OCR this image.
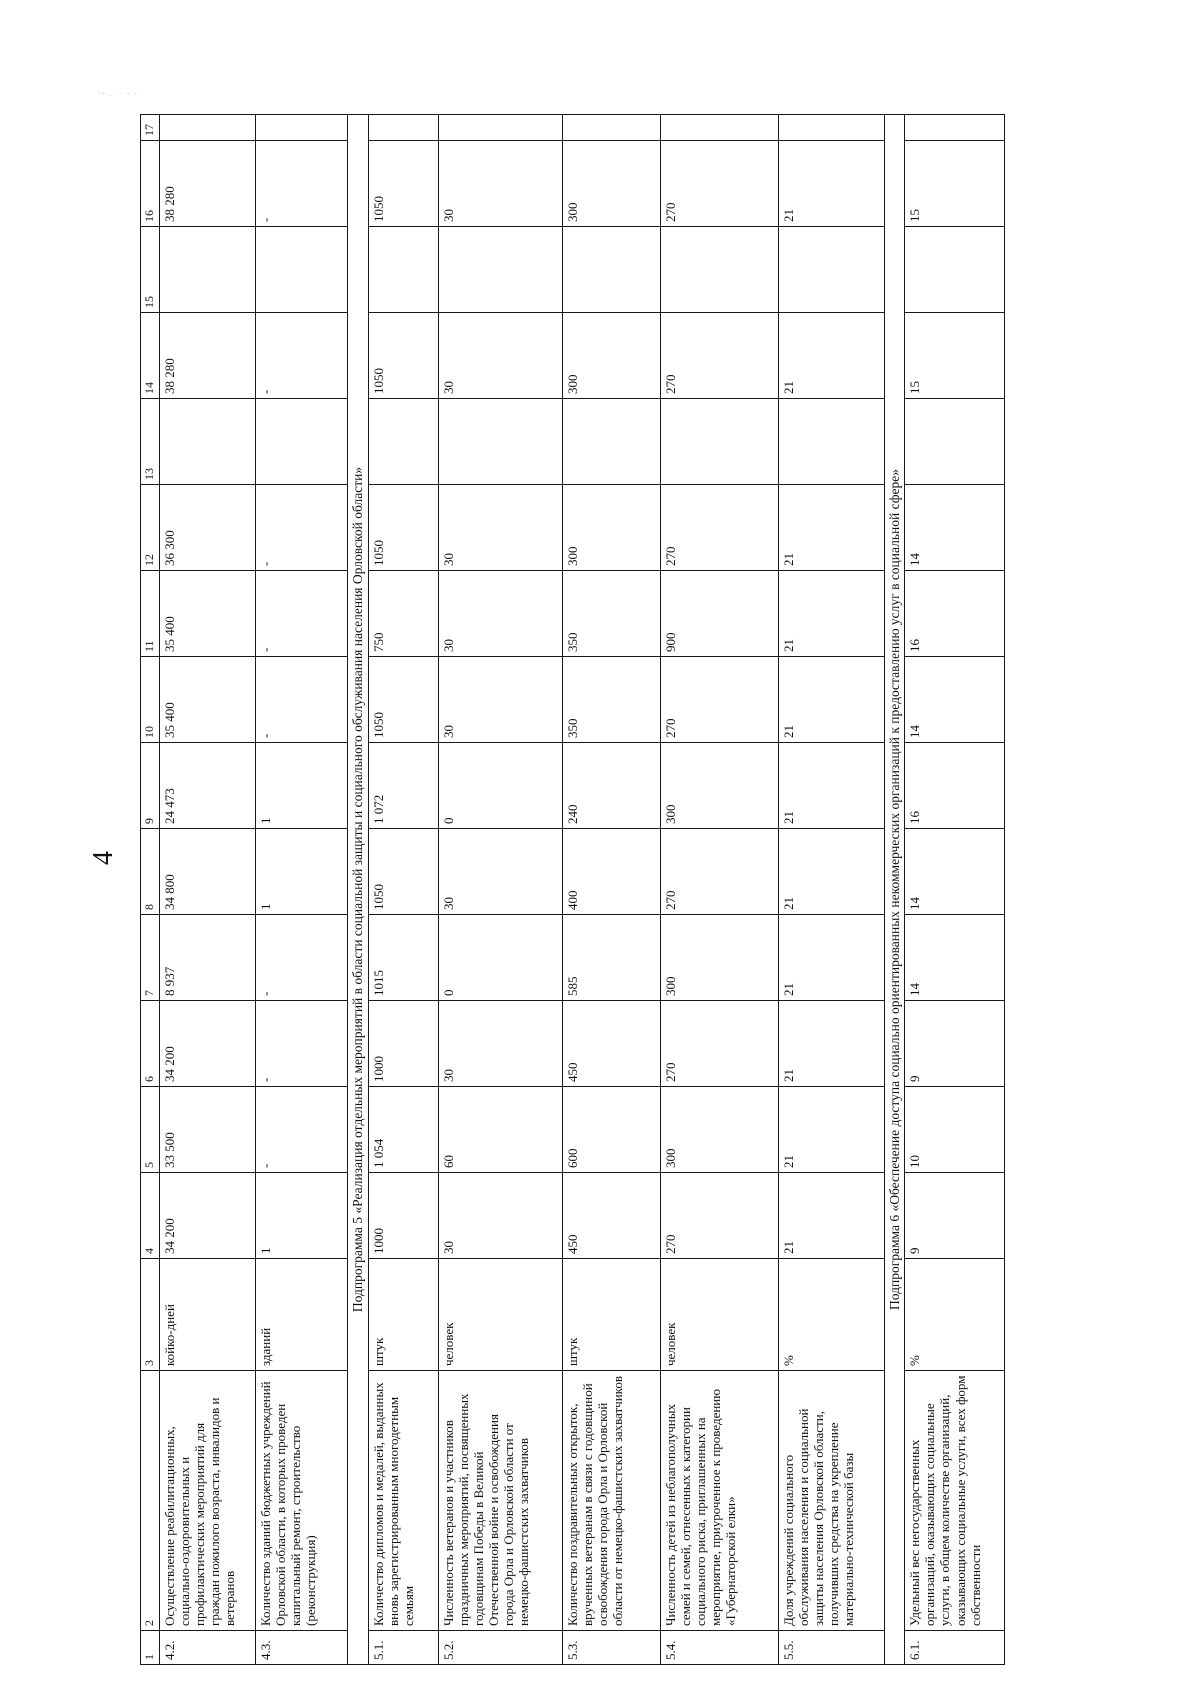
·- . ·· - ·
4
1	2	3	4	5	6	7	8	9	10	11	12	13	14	15	16	17
4.2.	Осуществление реабилитационных, социально-оздоровительных и профилактических мероприятий для граждан пожилого возраста, инвалидов и ветеранов	койко-дней	34 200	33 500	34 200	8 937	34 800	24 473	35 400	35 400	36 300		38 280		38 280	
4.3.	Количество зданий бюджетных учреждений Орловской области, в которых проведен капитальный ремонт, строительство (реконструкция)	зданий	1	-	-	-	1	1	-	-	-		-		-	
Подпрограмма 5 «Реализация отдельных мероприятий в области социальной защиты и социального обслуживания населения Орловской области»																
5.1.	Количество дипломов и медалей, выданных вновь зарегистрированным многодетным семьям	штук	1000	1 054	1000	1015	1050	1 072	1050	750	1050		1050		1050	
5.2.	Численность ветеранов и участников праздничных мероприятий, посвященных годовщинам Победы в Великой Отечественной войне и освобождения города Орла и Орловской области от немецко-фашистских захватчиков	человек	30	60	30	0	30	0	30	30	30		30		30	
5.3.	Количество поздравительных открыток, врученных ветеранам в связи с годовщиной освобождения города Орла и Орловской области от немецко-фашистских захватчиков	штук	450	600	450	585	400	240	350	350	300		300		300	
5.4.	Численность детей из неблагополучных семей и семей, отнесенных к категории социального риска, приглашенных на мероприятие, приуроченное к проведению «Губернаторской елки»	человек	270	300	270	300	270	300	270	900	270		270		270	
5.5.	Доля учреждений социального обслуживания населения и социальной защиты населения Орловской области, получивших средства на укрепление материально-технической базы	%	21	21	21	21	21	21	21	21	21		21		21	
Подпрограмма 6 «Обеспечение доступа социально ориентированных некоммерческих организаций к предоставлению услуг в социальной сфере»																
6.1.	Удельный вес негосударственных организаций, оказывающих социальные услуги, в общем количестве организаций, оказывающих социальные услуги, всех форм собственности	%	9	10	9	14	14	16	14	16	14		15		15	
